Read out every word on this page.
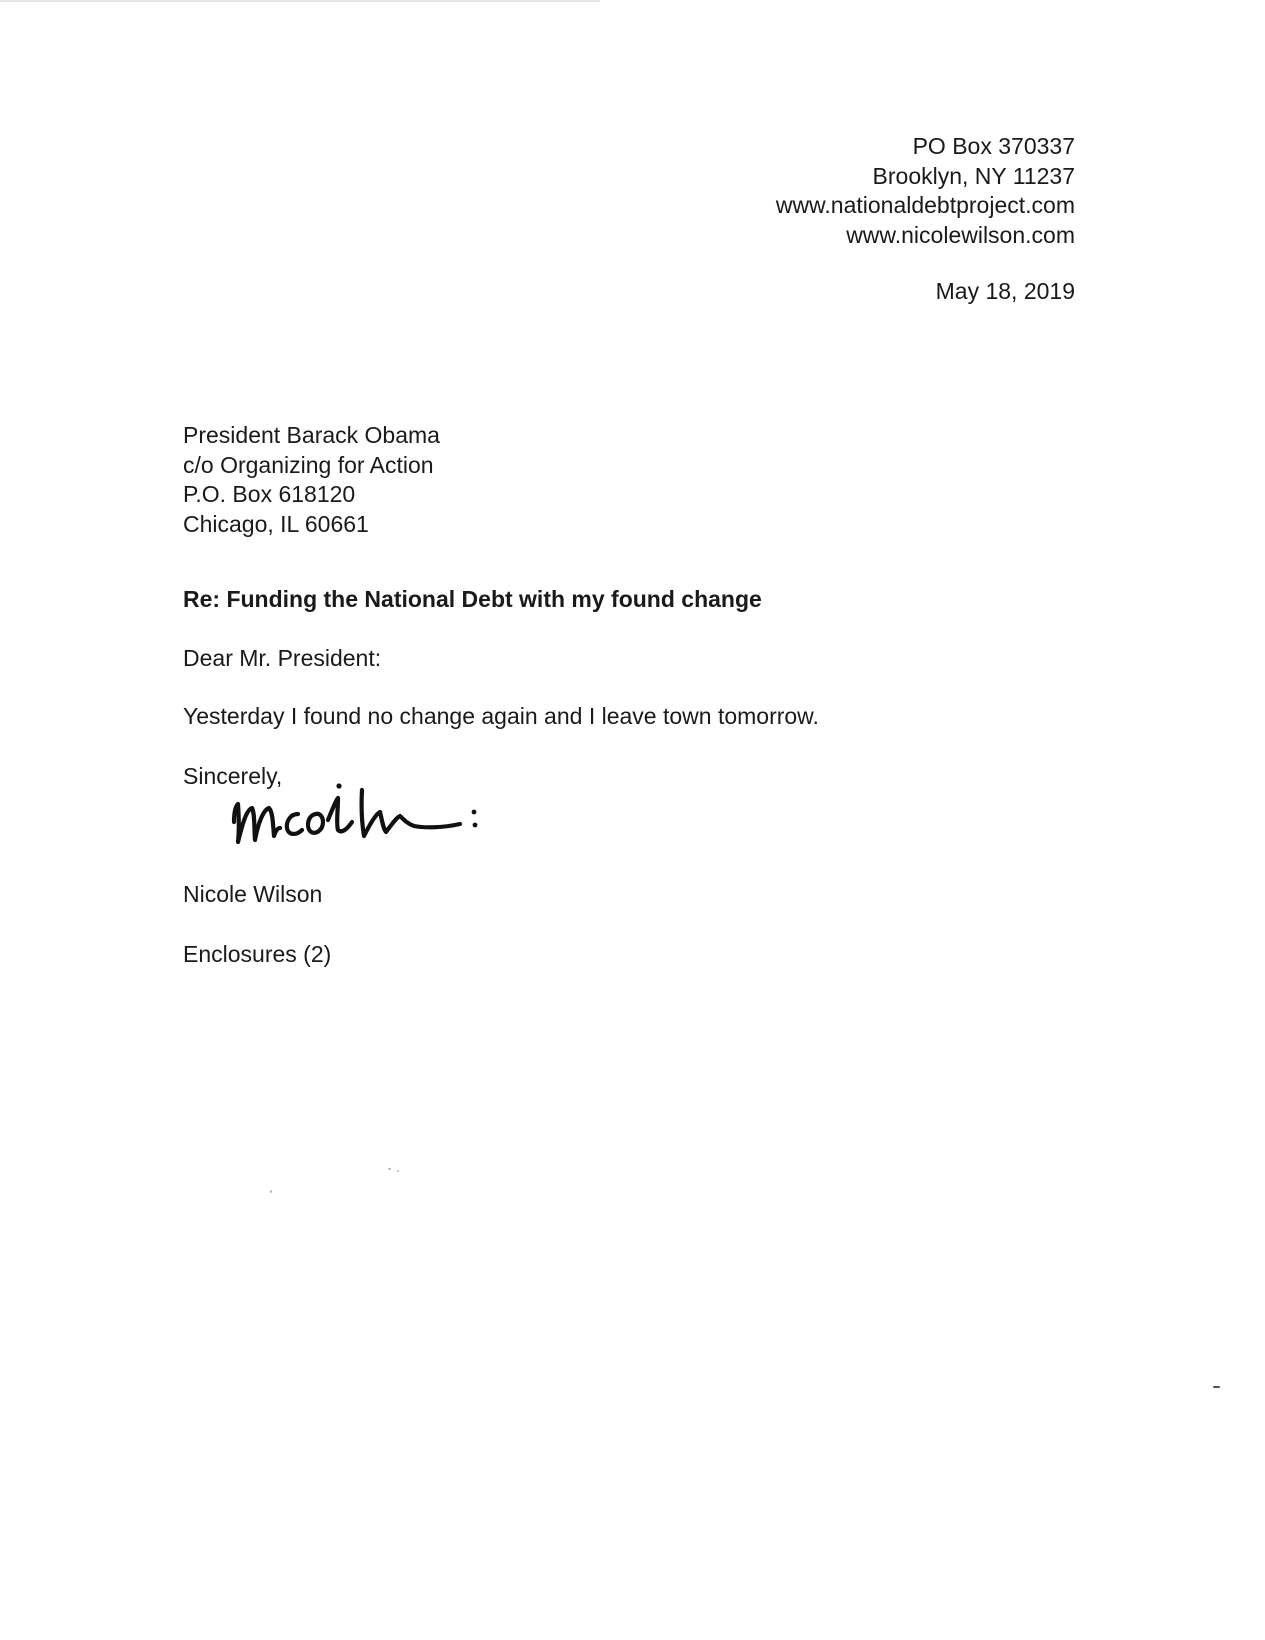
PO Box 370337
Brooklyn, NY 11237
www.nationaldebtproject.com
www.nicolewilson.com
May 18, 2019
President Barack Obama
c/o Organizing for Action
P.O. Box 618120
Chicago, IL 60661
Re: Funding the National Debt with my found change
Dear Mr. President:
Yesterday I found no change again and I leave town tomorrow.
Sincerely,
Nicole Wilson
Enclosures (2)
